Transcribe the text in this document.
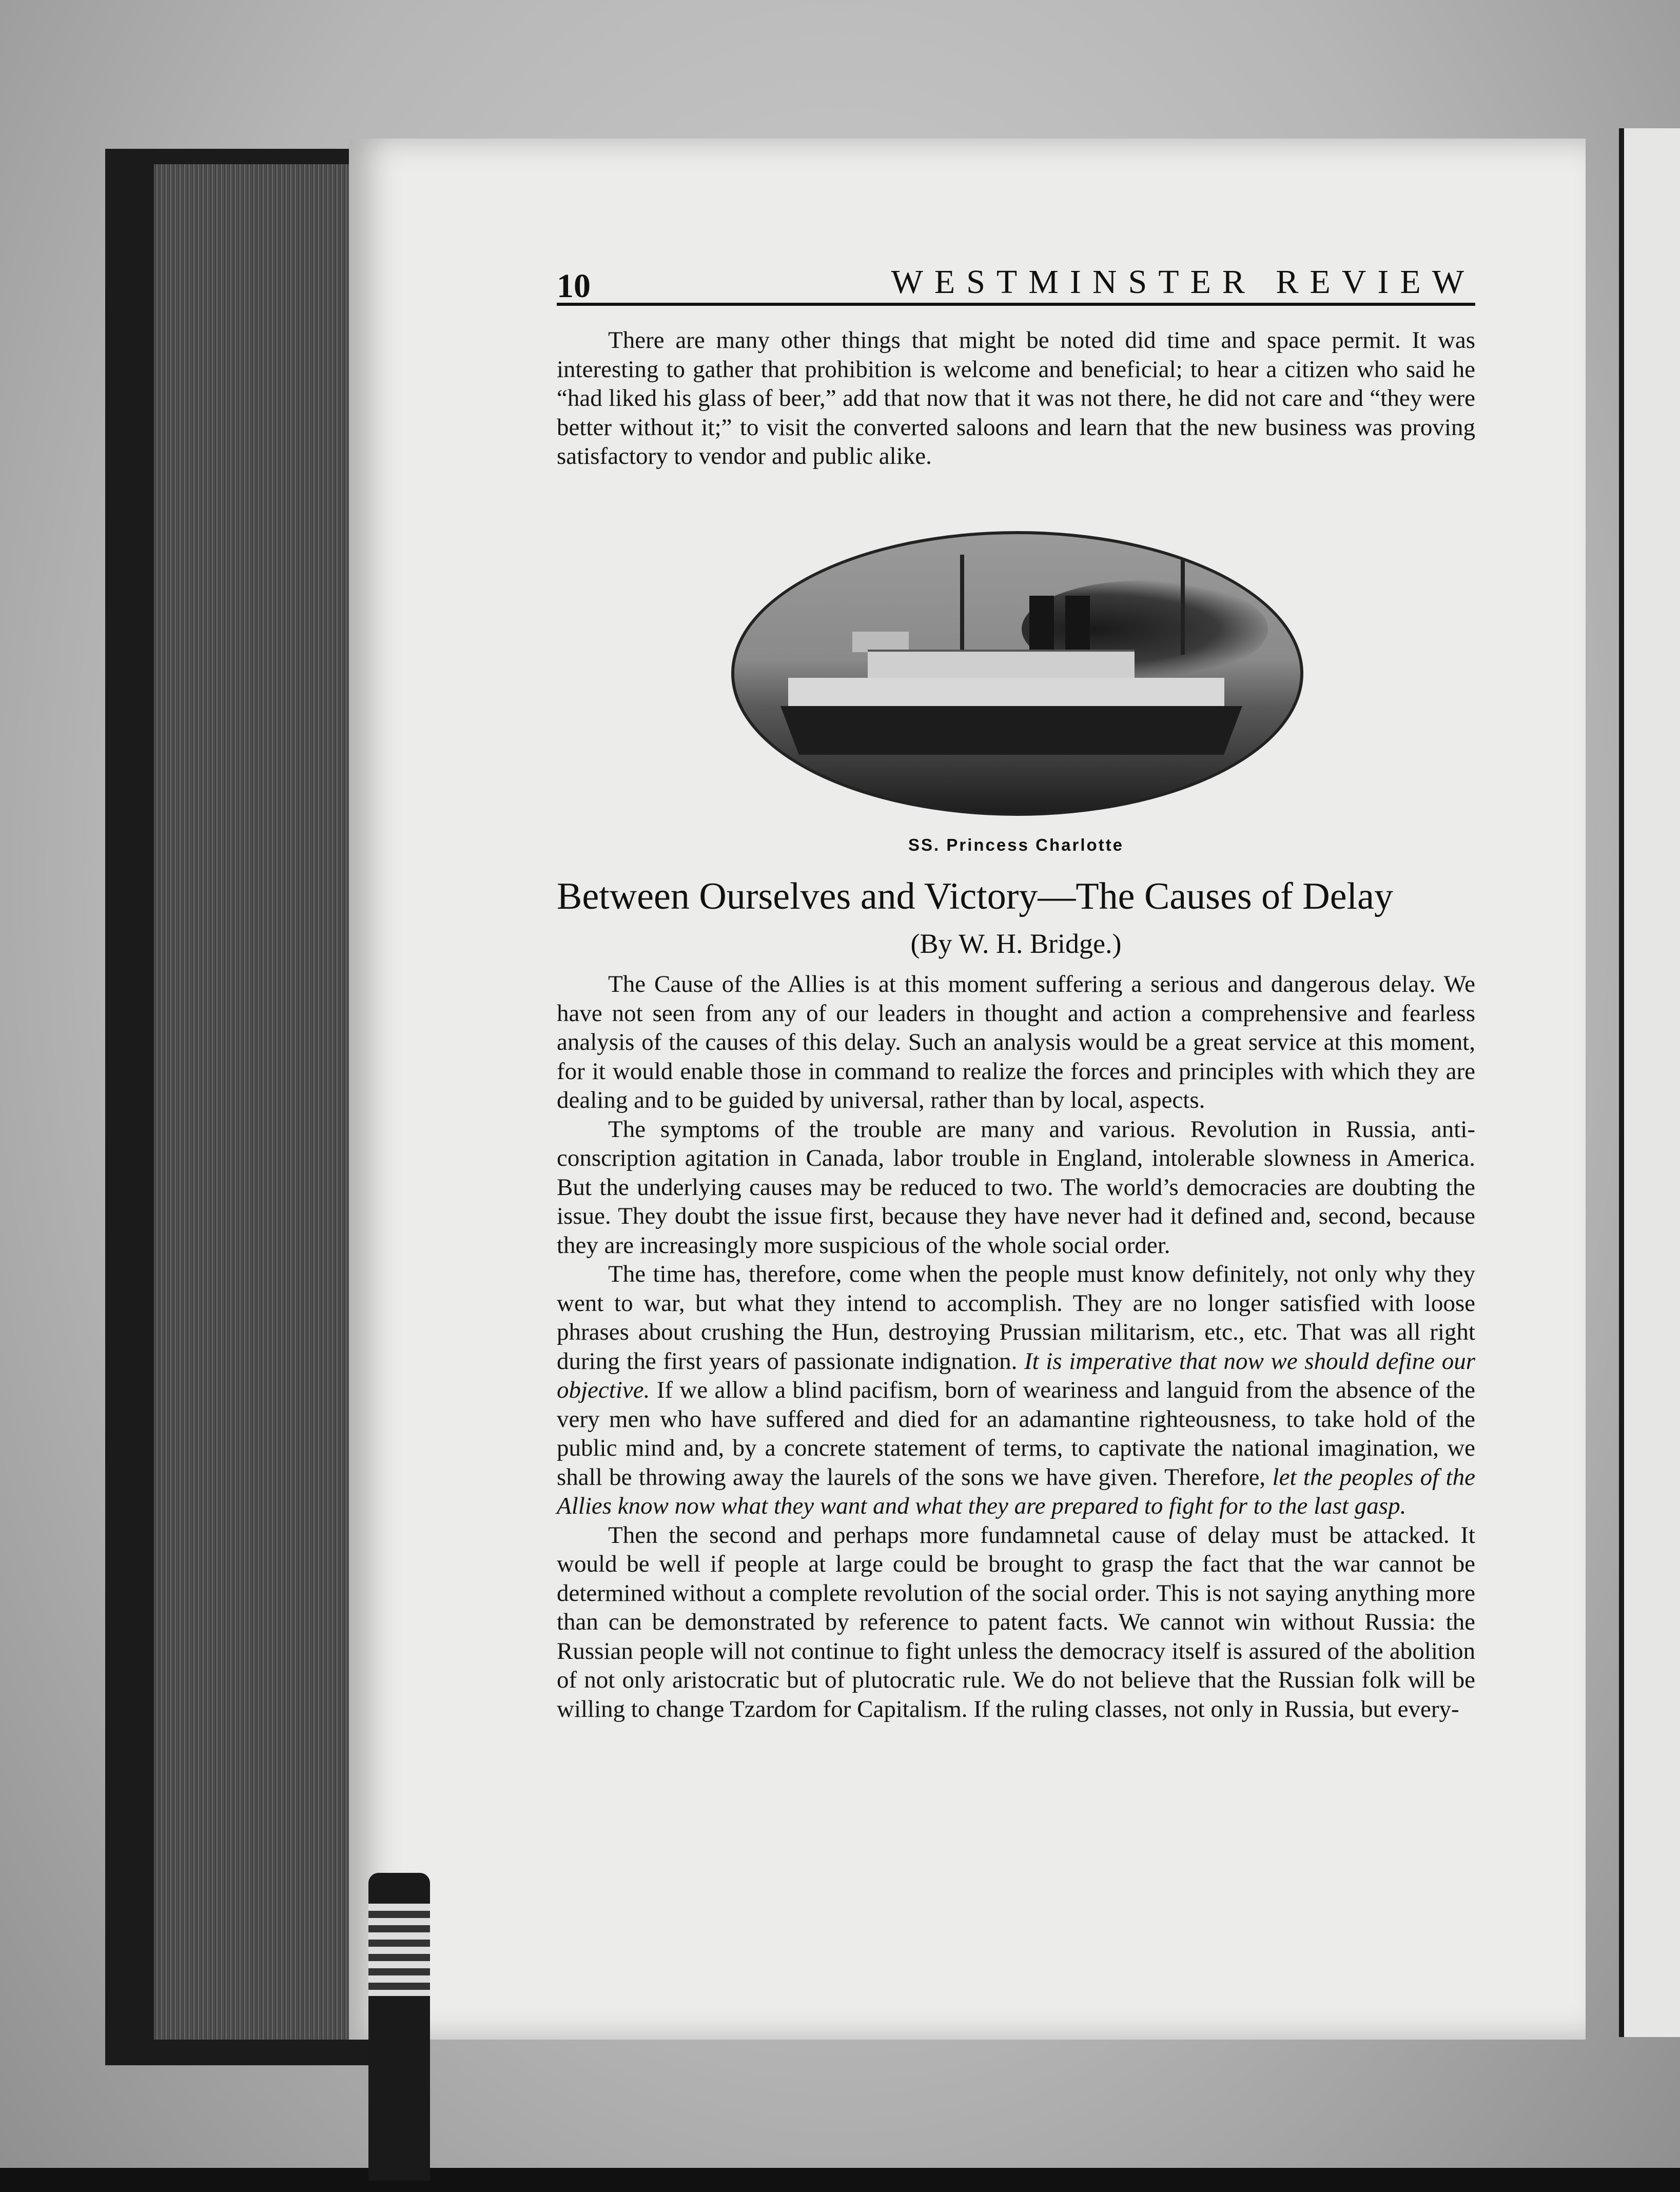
10	WESTMINSTER REVIEW

There are many other things that might be noted did time and space permit. It was interesting to gather that prohibition is welcome and beneficial; to hear a citizen who said he “had liked his glass of beer,” add that now that it was not there, he did not care and “they were better without it;” to visit the converted saloons and learn that the new business was proving satisfactory to vendor and public alike.

SS. Princess Charlotte
Between Ourselves and Victory—The Causes of Delay
(By W. H. Bridge.)

The Cause of the Allies is at this moment suffering a serious and dangerous delay. We have not seen from any of our leaders in thought and action a comprehensive and fearless analysis of the causes of this delay. Such an analysis would be a great service at this moment, for it would enable those in command to realize the forces and principles with which they are dealing and to be guided by universal, rather than by local, aspects.

The symptoms of the trouble are many and various. Revolution in Russia, anti-conscription agitation in Canada, labor trouble in England, intolerable slowness in America. But the underlying causes may be reduced to two. The world’s democracies are doubting the issue. They doubt the issue first, because they have never had it defined and, second, because they are increasingly more suspicious of the whole social order.

The time has, therefore, come when the people must know definitely, not only why they went to war, but what they intend to accomplish. They are no longer satisfied with loose phrases about crushing the Hun, destroying Prussian militarism, etc., etc. That was all right during the first years of passionate indignation. It is imperative that now we should define our objective. If we allow a blind pacifism, born of weariness and languid from the absence of the very men who have suffered and died for an adamantine righteousness, to take hold of the public mind and, by a concrete statement of terms, to captivate the national imagination, we shall be throwing away the laurels of the sons we have given. Therefore, let the peoples of the Allies know now what they want and what they are prepared to fight for to the last gasp.

Then the second and perhaps more fundamnetal cause of delay must be attacked. It would be well if people at large could be brought to grasp the fact that the war cannot be determined without a complete revolution of the social order. This is not saying anything more than can be demonstrated by reference to patent facts. We cannot win without Russia: the Russian people will not continue to fight unless the democracy itself is assured of the abolition of not only aristocratic but of plutocratic rule. We do not believe that the Russian folk will be willing to change Tzardom for Capitalism. If the ruling classes, not only in Russia, but every-
